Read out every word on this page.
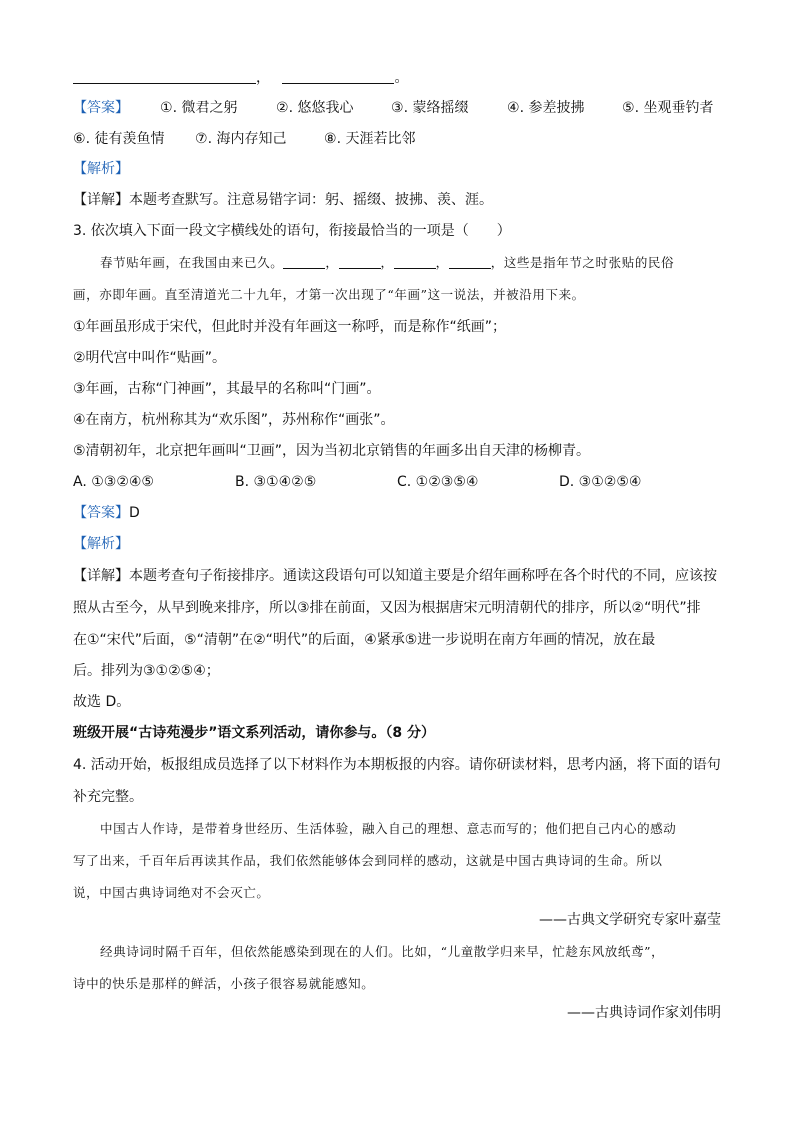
，	。
【答案】 ①. 微君之躬	②. 悠悠我心	③. 蒙络摇缀	④. 参差披拂	⑤. 坐观垂钓者
⑥. 徒有羡鱼情 ⑦. 海内存知己	⑧. 天涯若比邻
【解析】
【详解】本题考查默写。注意易错字词：躬、摇缀、披拂、羡、涯。
3. 依次填入下面一段文字横线处的语句，衔接最恰当的一项是（　　）
春节贴年画，在我国由来已久。	，	，	，	，这些是指年节之时张贴的民俗
画，亦即年画。直至清道光二十九年，才第一次出现了“年画”这一说法，并被沿用下来。
①年画虽形成于宋代，但此时并没有年画这一称呼，而是称作“纸画”；
②明代宫中叫作“贴画”。
③年画，古称“门神画”，其最早的名称叫“门画”。
④在南方，杭州称其为“欢乐图”，苏州称作“画张”。
⑤清朝初年，北京把年画叫“卫画”，因为当初北京销售的年画多出自天津的杨柳青。
A. ①③②④⑤	B. ③①④②⑤	C. ①②③⑤④	D. ③①②⑤④
【答案】D
【解析】
【详解】本题考查句子衔接排序。通读这段语句可以知道主要是介绍年画称呼在各个时代的不同，应该按
照从古至今，从早到晚来排序，所以③排在前面，又因为根据唐宋元明清朝代的排序，所以②“明代”排
在①“宋代”后面，⑤“清朝”在②“明代”的后面，④紧承⑤进一步说明在南方年画的情况，放在最
后。排列为③①②⑤④；
故选 D。
班级开展“古诗苑漫步”语文系列活动，请你参与。（8 分）
4. 活动开始，板报组成员选择了以下材料作为本期板报的内容。请你研读材料，思考内涵，将下面的语句
补充完整。
中国古人作诗，是带着身世经历、生活体验，融入自己的理想、意志而写的；他们把自己内心的感动
写了出来，千百年后再读其作品，我们依然能够体会到同样的感动，这就是中国古典诗词的生命。所以
说，中国古典诗词绝对不会灭亡。
——古典文学研究专家叶嘉莹
经典诗词时隔千百年，但依然能感染到现在的人们。比如，“儿童散学归来早，忙趁东风放纸鸢”，
诗中的快乐是那样的鲜活，小孩子很容易就能感知。
——古典诗词作家刘伟明
